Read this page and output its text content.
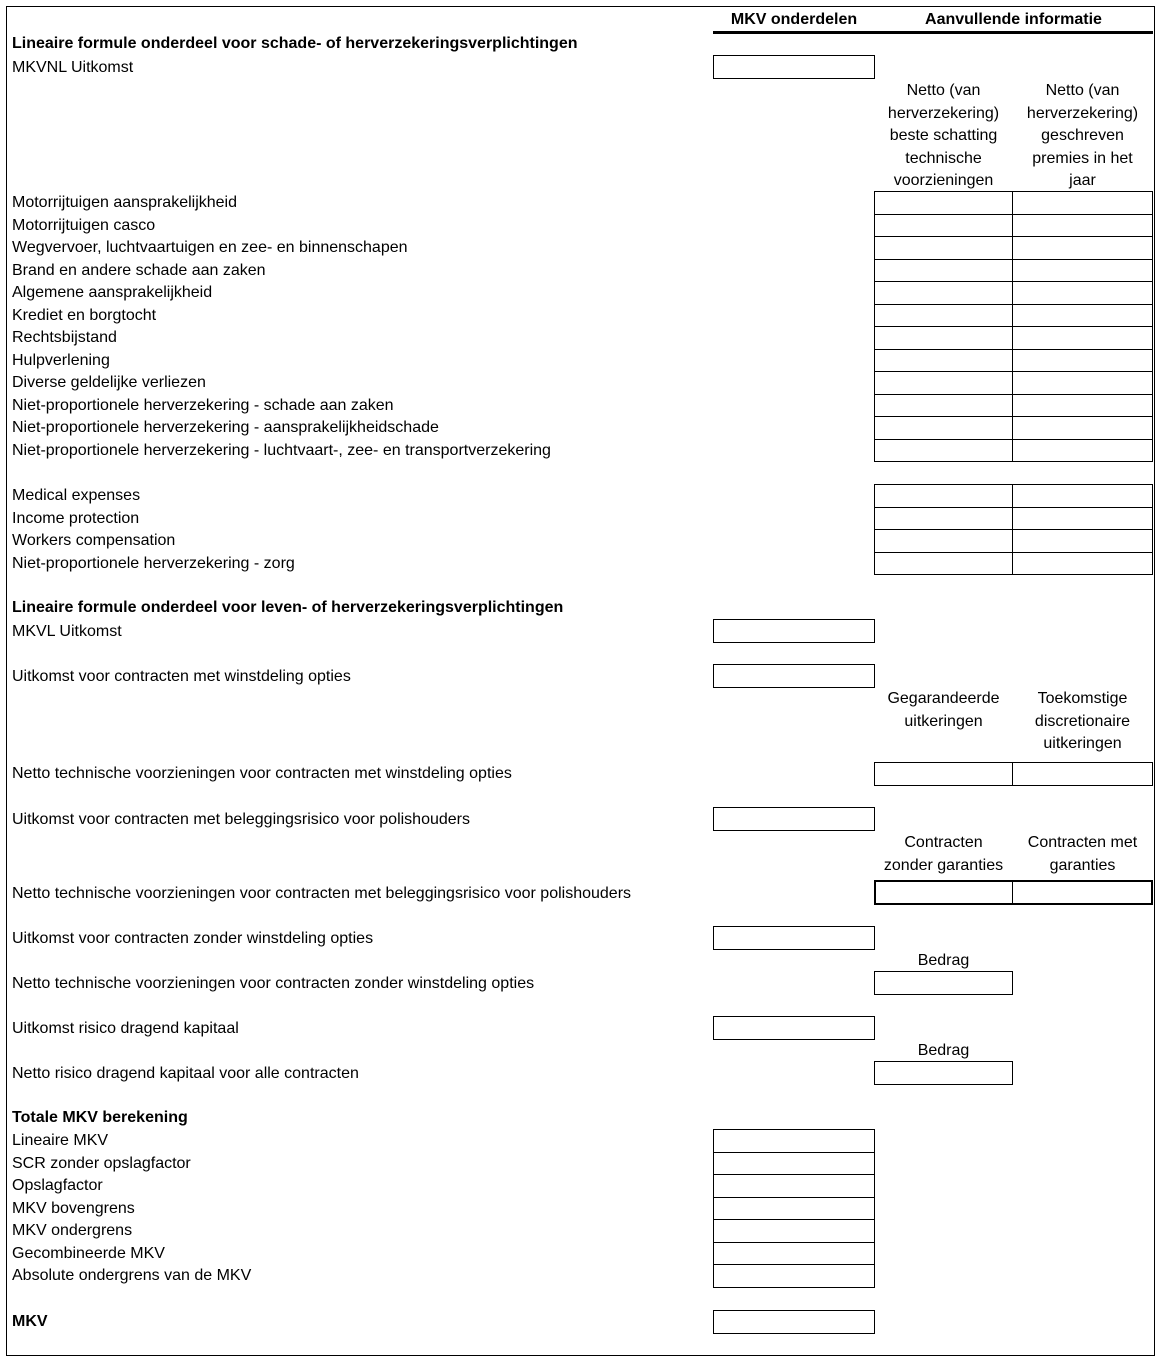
MKV onderdelen	Aanvullende informatie
Lineaire formule onderdeel voor schade- of herverzekeringsverplichtingen
MKVNL Uitkomst
Netto (van
herverzekering)
beste schatting
technische
voorzieningen
Netto (van
herverzekering)
geschreven
premies in het
jaar
Motorrijtuigen aansprakelijkheid
Motorrijtuigen casco
Wegvervoer, luchtvaartuigen en zee- en binnenschapen
Brand en andere schade aan zaken
Algemene aansprakelijkheid
Krediet en borgtocht
Rechtsbijstand
Hulpverlening
Diverse geldelijke verliezen
Niet-proportionele herverzekering - schade aan zaken
Niet-proportionele herverzekering - aansprakelijkheidschade
Niet-proportionele herverzekering - luchtvaart-, zee- en transportverzekering
Medical expenses
Income protection
Workers compensation
Niet-proportionele herverzekering - zorg
Lineaire formule onderdeel voor leven- of herverzekeringsverplichtingen
MKVL Uitkomst
Uitkomst voor contracten met winstdeling opties
Gegarandeerde
uitkeringen
Toekomstige
discretionaire
uitkeringen
Netto technische voorzieningen voor contracten met winstdeling opties
Uitkomst voor contracten met beleggingsrisico voor polishouders
Contracten
zonder garanties
Contracten met
garanties
Netto technische voorzieningen voor contracten met beleggingsrisico voor polishouders
Uitkomst voor contracten zonder winstdeling opties
Bedrag
Netto technische voorzieningen voor contracten zonder winstdeling opties
Uitkomst risico dragend kapitaal
Bedrag
Netto risico dragend kapitaal voor alle contracten
Totale MKV berekening
Lineaire MKV
SCR zonder opslagfactor
Opslagfactor
MKV bovengrens
MKV ondergrens
Gecombineerde MKV
Absolute ondergrens van de MKV
MKV
